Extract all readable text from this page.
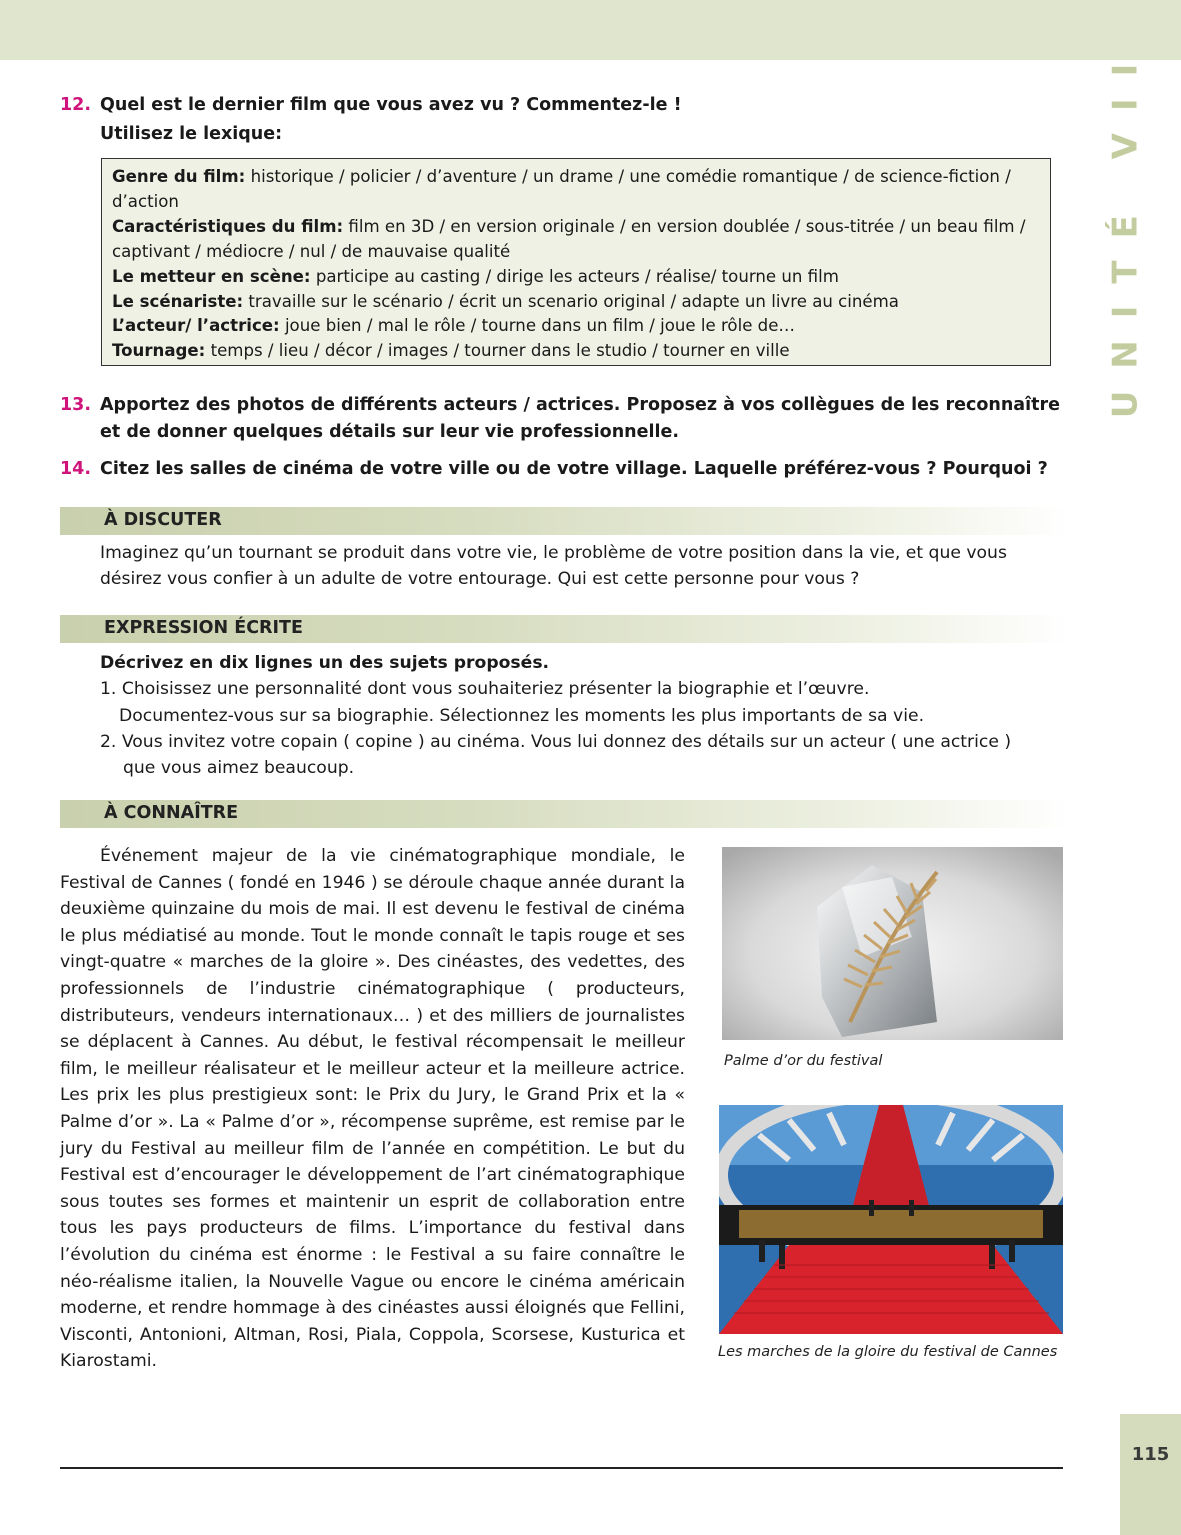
UNITÉ VII
12. Quel est le dernier film que vous avez vu ? Commentez-le !
Utilisez le lexique:
Genre du film: historique / policier / d’aventure / un drame / une comédie romantique / de science-fiction / d’action
Caractéristiques du film: film en 3D / en version originale / en version doublée / sous-titrée / un beau film / captivant / médiocre / nul / de mauvaise qualité
Le metteur en scène: participe au casting / dirige les acteurs / réalise/ tourne un film
Le scénariste: travaille sur le scénario / écrit un scenario original / adapte un livre au cinéma
L’acteur/ l’actrice: joue bien / mal le rôle / tourne dans un film / joue le rôle de…
Tournage: temps / lieu / décor / images / tourner dans le studio / tourner en ville
13. Apportez des photos de différents acteurs / actrices. Proposez à vos collègues de les reconnaître et de donner quelques détails sur leur vie professionnelle.
14. Citez les salles de cinéma de votre ville ou de votre village. Laquelle préférez-vous ? Pourquoi ?
À DISCUTER
Imaginez qu’un tournant se produit dans votre vie, le problème de votre position dans la vie, et que vous désirez vous confier à un adulte de votre entourage. Qui est cette personne pour vous ?
EXPRESSION ÉCRITE
Décrivez en dix lignes un des sujets proposés.
1. Choisissez une personnalité dont vous souhaiteriez présenter la biographie et l’œuvre.
Documentez-vous sur sa biographie. Sélectionnez les moments les plus importants de sa vie.
2. Vous invitez votre copain ( copine ) au cinéma. Vous lui donnez des détails sur un acteur ( une actrice )
que vous aimez beaucoup.
À CONNAÎTRE
Événement majeur de la vie cinématographique mondiale, le Festival de Cannes ( fondé en 1946 ) se déroule chaque année durant la deuxième quinzaine du mois de mai. Il est devenu le festival de cinéma le plus médiatisé au monde. Tout le monde connaît le tapis rouge et ses vingt-quatre « marches de la gloire ». Des cinéastes, des vedettes, des professionnels de l’industrie cinématographique ( producteurs, distributeurs, vendeurs internationaux… ) et des milliers de journalistes se déplacent à Cannes. Au début, le festival récompensait le meilleur film, le meilleur réalisateur et le meilleur acteur et la meilleure actrice. Les prix les plus prestigieux sont: le Prix du Jury, le Grand Prix et la « Palme d’or ». La « Palme d’or », récompense suprême, est remise par le jury du Festival au meilleur film de l’année en compétition. Le but du Festival est d’encourager le développement de l’art cinématographique sous toutes ses formes et maintenir un esprit de collaboration entre tous les pays producteurs de films. L’importance du festival dans l’évolution du cinéma est énorme : le Festival a su faire connaître le néo-réalisme italien, la Nouvelle Vague ou encore le cinéma américain moderne, et rendre hommage à des cinéastes aussi éloignés que Fellini, Visconti, Antonioni, Altman, Rosi, Piala, Coppola, Scorsese, Kusturica et Kiarostami.
Palme d’or du festival
Les marches de la gloire du festival de Cannes
115
